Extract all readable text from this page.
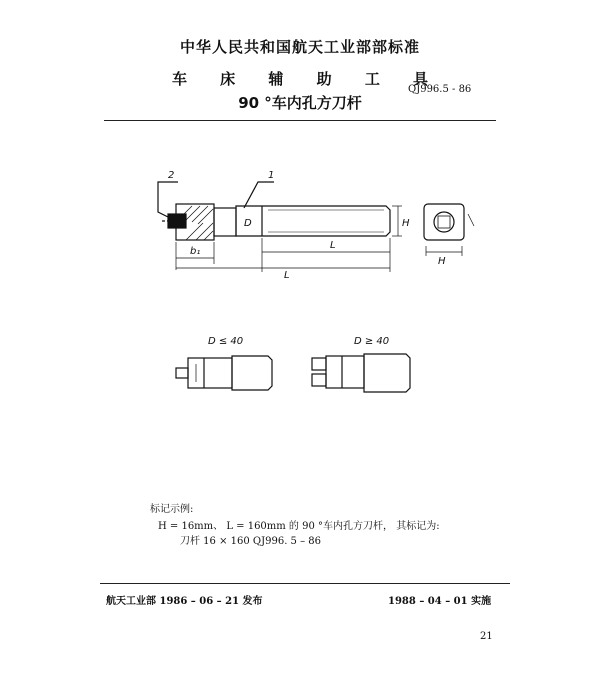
中华人民共和国航天工业部部标准
车 床 辅 助 工 具
90 °车内孔方刀杆
QJ996.5 - 86
2	1
H
D
L
L
b₁
H
D ≤ 40	D ≥ 40
标记示例:
H = 16mm、 L = 160mm 的 90 °车内孔方刀杆， 其标记为:
刀杆 16 × 160 QJ996. 5 – 86
航天工业部 1986 – 06 – 21 发布	1988 – 04 – 01 实施
21
